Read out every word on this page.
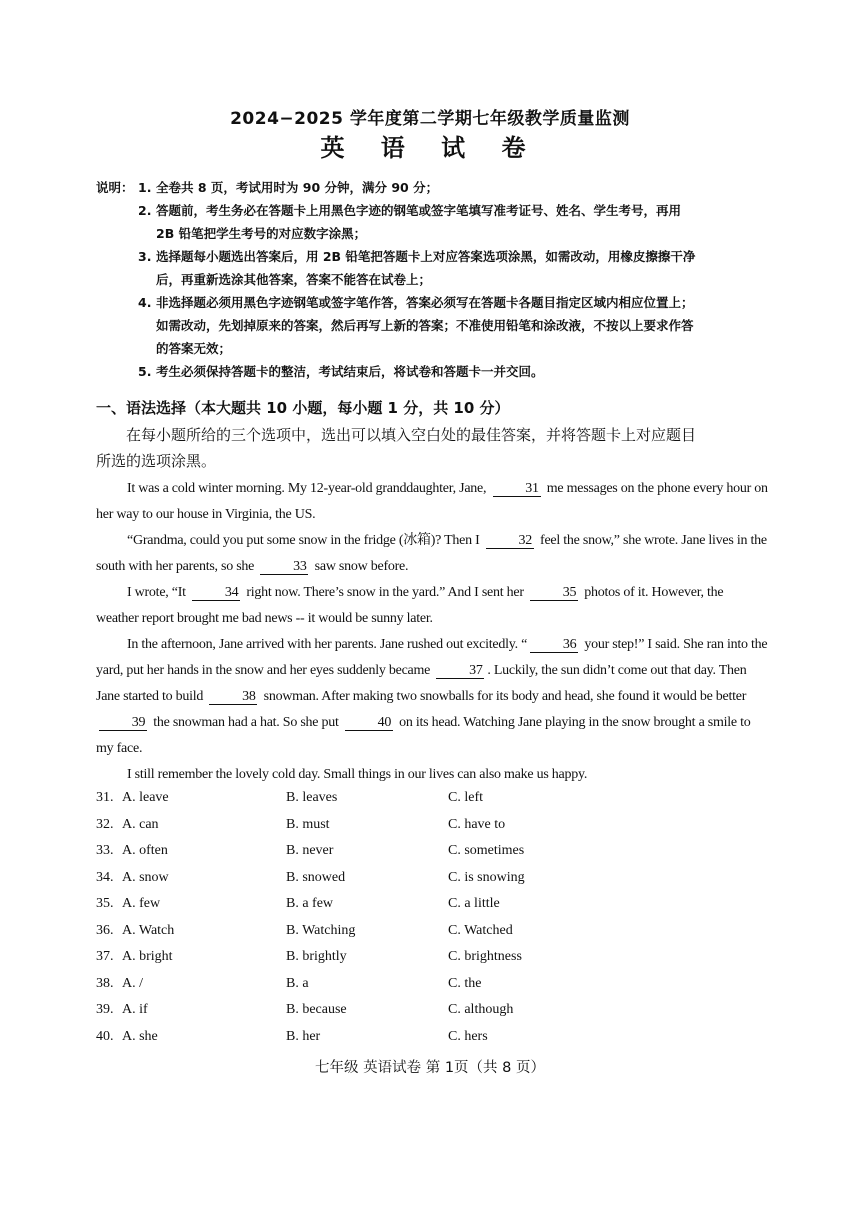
2024−2025 学年度第二学期七年级教学质量监测
英 语 试 卷
说明： 1. 全卷共 8 页，考试用时为 90 分钟，满分 90 分；
2. 答题前，考生务必在答题卡上用黑色字迹的钢笔或签字笔填写准考证号、姓名、学生考号，再用
2B 铅笔把学生考号的对应数字涂黑；
3. 选择题每小题选出答案后，用 2B 铅笔把答题卡上对应答案选项涂黑，如需改动，用橡皮擦擦干净
后，再重新选涂其他答案，答案不能答在试卷上；
4. 非选择题必须用黑色字迹钢笔或签字笔作答，答案必须写在答题卡各题目指定区域内相应位置上；
如需改动，先划掉原来的答案，然后再写上新的答案；不准使用铅笔和涂改液，不按以上要求作答
的答案无效；
5. 考生必须保持答题卡的整洁，考试结束后，将试卷和答题卡一并交回。
一、语法选择（本大题共 10 小题，每小题 1 分，共 10 分）
在每小题所给的三个选项中，选出可以填入空白处的最佳答案，并将答题卡上对应题目
所选的选项涂黑。

It was a cold winter morning. My 12-year-old granddaughter, Jane,	31 me messages on the phone every hour on her way to our house in Virginia, the US.

“Grandma, could you put some snow in the fridge (冰箱)? Then I	32 feel the snow,” she wrote. Jane lives in the south with her parents, so she	33 saw snow before.

I wrote, “It	34 right now. There’s snow in the yard.” And I sent her	35 photos of it. However, the weather report brought me bad news -- it would be sunny later.

In the afternoon, Jane arrived with her parents. Jane rushed out excitedly. “	36 your step!” I said. She ran into the yard, put her hands in the snow and her eyes suddenly became	37 . Luckily, the sun didn’t come out that day. Then Jane started to build	38 snowman. After making two snowballs for its body and head, she found it would be better 39 the snowman had a hat. So she put	40 on its head. Watching Jane playing in the snow brought a smile to my face.

I still remember the lovely cold day. Small things in our lives can also make us happy.

31. A. leave	B. leaves	C. left
32. A. can	B. must	C. have to
33. A. often	B. never	C. sometimes
34. A. snow	B. snowed	C. is snowing
35. A. few	B. a few	C. a little
36. A. Watch	B. Watching	C. Watched
37. A. bright	B. brightly	C. brightness
38. A. /	B. a	C. the
39. A. if	B. because	C. although
40. A. she	B. her	C. hers
七年级 英语试卷 第 1页（共 8 页）
